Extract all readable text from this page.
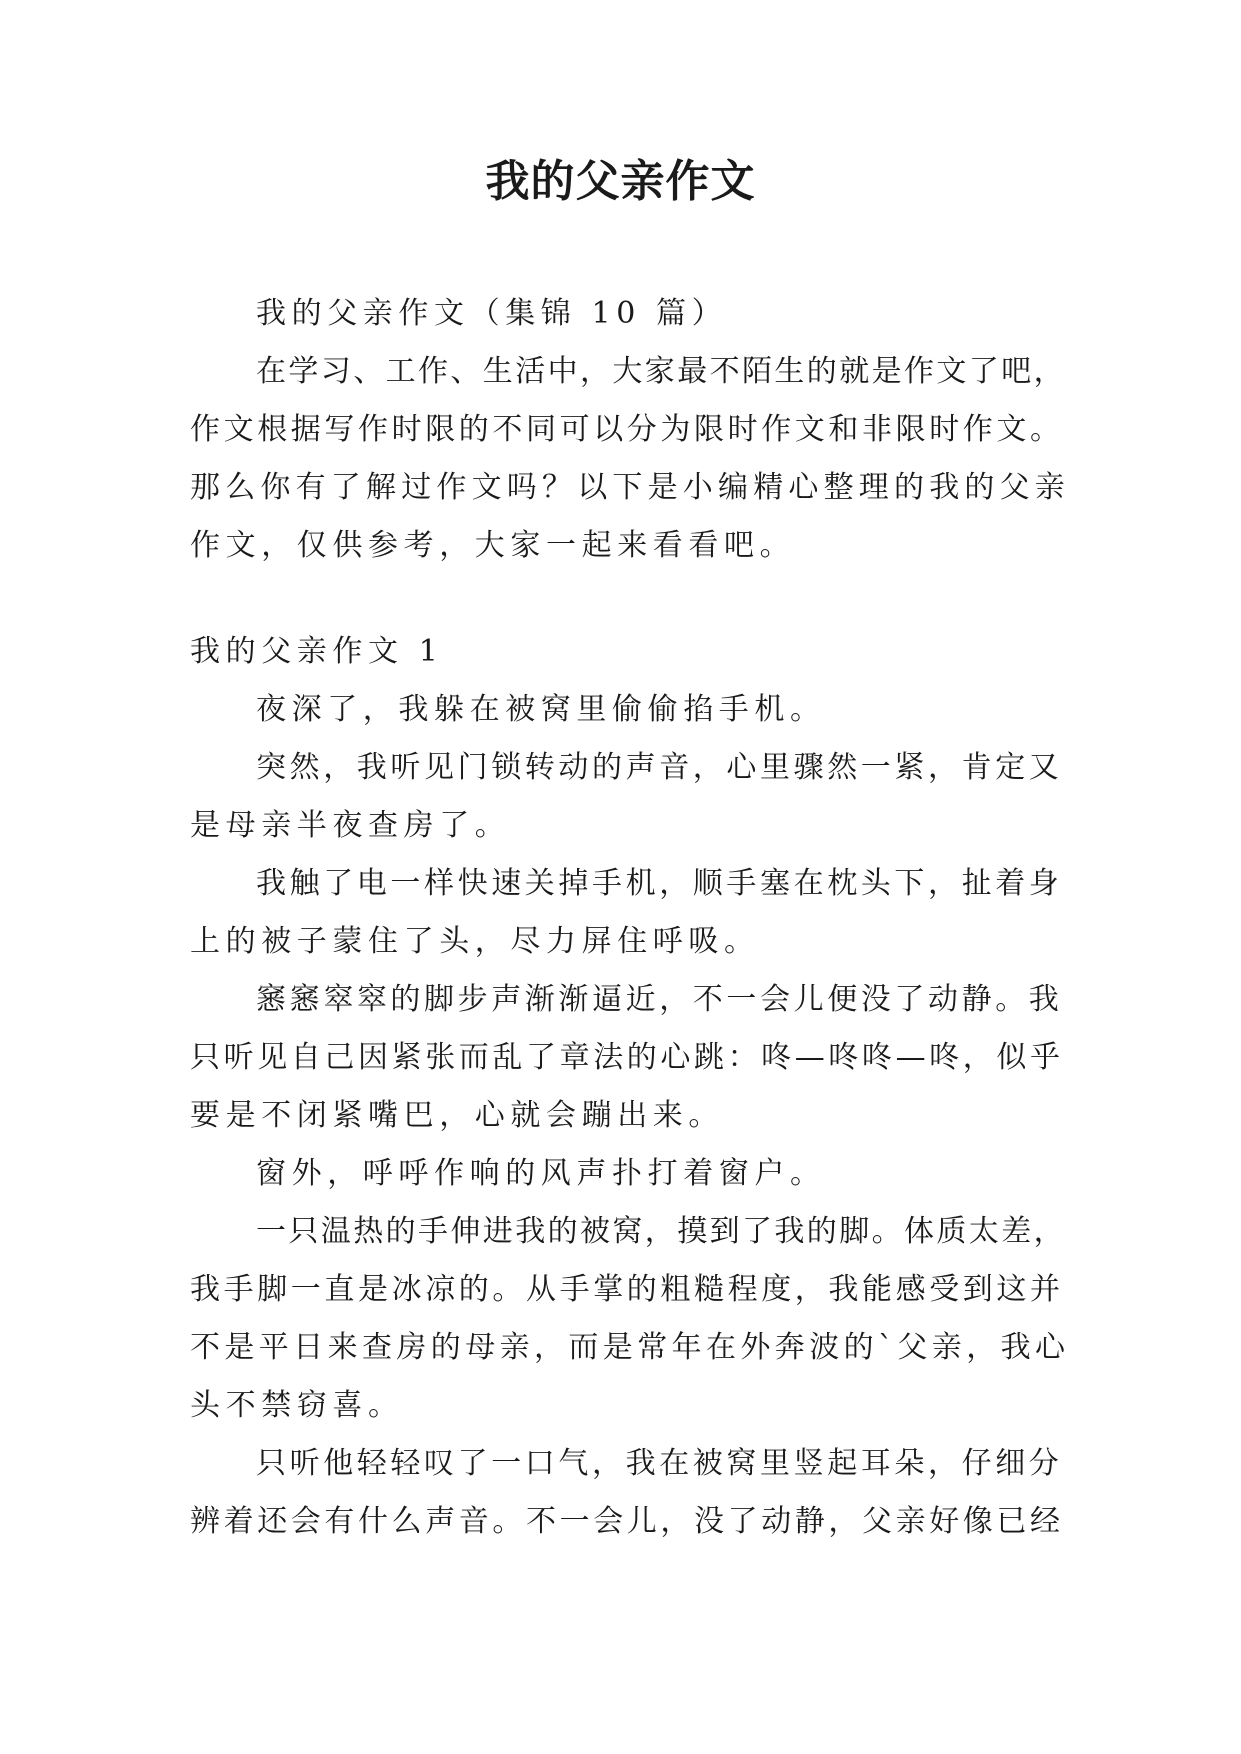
我的父亲作文
我的父亲作文（集锦 10 篇）
在学习、工作、生活中，大家最不陌生的就是作文了吧，
作文根据写作时限的不同可以分为限时作文和非限时作文。
那么你有了解过作文吗？以下是小编精心整理的我的父亲
作文，仅供参考，大家一起来看看吧。
我的父亲作文 1
夜深了，我躲在被窝里偷偷掐手机。
突然，我听见门锁转动的声音，心里骤然一紧，肯定又
是母亲半夜查房了。
我触了电一样快速关掉手机，顺手塞在枕头下，扯着身
上的被子蒙住了头，尽力屏住呼吸。
窸窸窣窣的脚步声渐渐逼近，不一会儿便没了动静。我
只听见自己因紧张而乱了章法的心跳：咚—咚咚—咚，似乎
要是不闭紧嘴巴，心就会蹦出来。
窗外，呼呼作响的风声扑打着窗户。
一只温热的手伸进我的被窝，摸到了我的脚。体质太差，
我手脚一直是冰凉的。从手掌的粗糙程度，我能感受到这并
不是平日来查房的母亲，而是常年在外奔波的`父亲，我心
头不禁窃喜。
只听他轻轻叹了一口气，我在被窝里竖起耳朵，仔细分
辨着还会有什么声音。不一会儿，没了动静，父亲好像已经
